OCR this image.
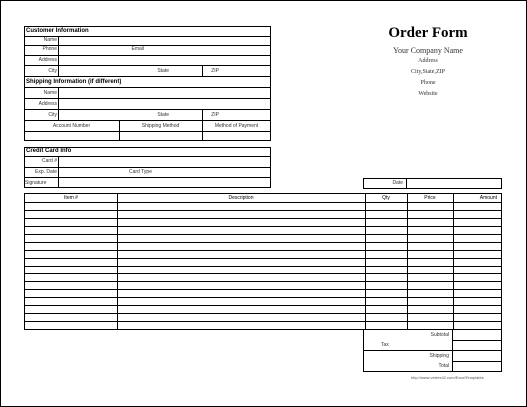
Customer Information
Name
Phone	Email
Address
City	State	ZIP
Shipping Information (if different)
Name
Address
City	State	ZIP
Account Number	Shipping Method	Method of Payment
Order Form
Your Company Name
Address
City,State,ZIP
Phone
Website
Credit Card Info
Card #
Exp. Date	Card Type
Signature	Date
Item #	Description	Qty	Price	Amount
Subtotal
Tax
Shipping
Total
http://www.vertex42.com/ExcelTemplates
